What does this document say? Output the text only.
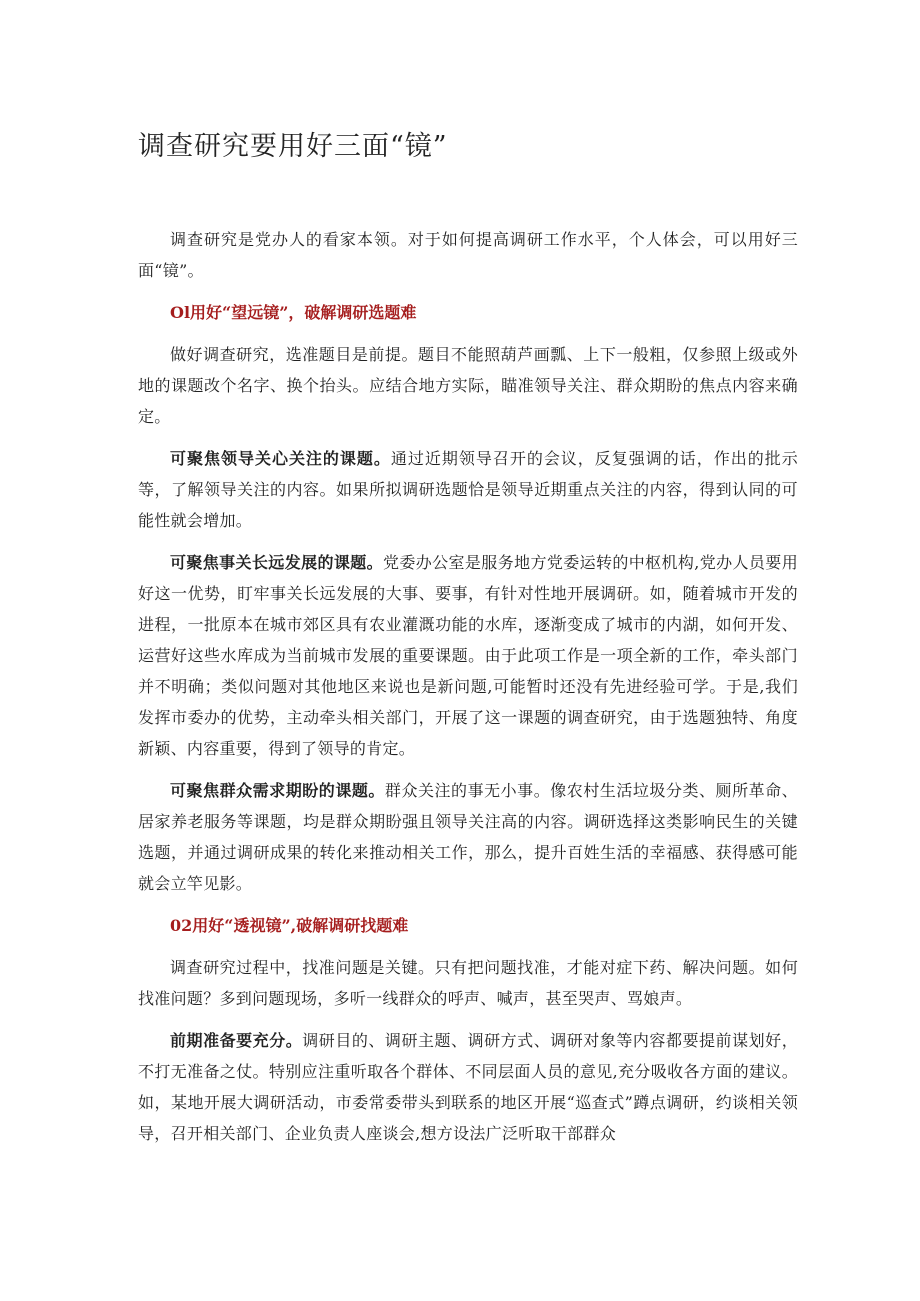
调查研究要用好三面“镜”

调查研究是党办人的看家本领。对于如何提高调研工作水平，个人体会，可以用好三面“镜”。

Ol用好“望远镜”，破解调研选题难

做好调查研究，选准题目是前提。题目不能照葫芦画瓢、上下一般粗，仅参照上级或外地的课题改个名字、换个抬头。应结合地方实际，瞄准领导关注、群众期盼的焦点内容来确定。

可聚焦领导关心关注的课题。通过近期领导召开的会议，反复强调的话，作出的批示等，了解领导关注的内容。如果所拟调研选题恰是领导近期重点关注的内容，得到认同的可能性就会增加。

可聚焦事关长远发展的课题。党委办公室是服务地方党委运转的中枢机构,党办人员要用好这一优势，盯牢事关长远发展的大事、要事，有针对性地开展调研。如，随着城市开发的进程，一批原本在城市郊区具有农业灌溉功能的水库，逐渐变成了城市的内湖，如何开发、运营好这些水库成为当前城市发展的重要课题。由于此项工作是一项全新的工作，牵头部门并不明确；类似问题对其他地区来说也是新问题,可能暂时还没有先进经验可学。于是,我们发挥市委办的优势，主动牵头相关部门，开展了这一课题的调查研究，由于选题独特、角度新颖、内容重要，得到了领导的肯定。

可聚焦群众需求期盼的课题。群众关注的事无小事。像农村生活垃圾分类、厕所革命、居家养老服务等课题，均是群众期盼强且领导关注高的内容。调研选择这类影响民生的关键选题，并通过调研成果的转化来推动相关工作，那么，提升百姓生活的幸福感、获得感可能就会立竿见影。

02用好“透视镜”,破解调研找题难

调查研究过程中，找准问题是关键。只有把问题找准，才能对症下药、解决问题。如何找准问题？多到问题现场，多听一线群众的呼声、喊声，甚至哭声、骂娘声。

前期准备要充分。调研目的、调研主题、调研方式、调研对象等内容都要提前谋划好，不打无准备之仗。特别应注重听取各个群体、不同层面人员的意见,充分吸收各方面的建议。如，某地开展大调研活动，市委常委带头到联系的地区开展“巡查式”蹲点调研，约谈相关领导，召开相关部门、企业负责人座谈会,想方设法广泛听取干部群众
